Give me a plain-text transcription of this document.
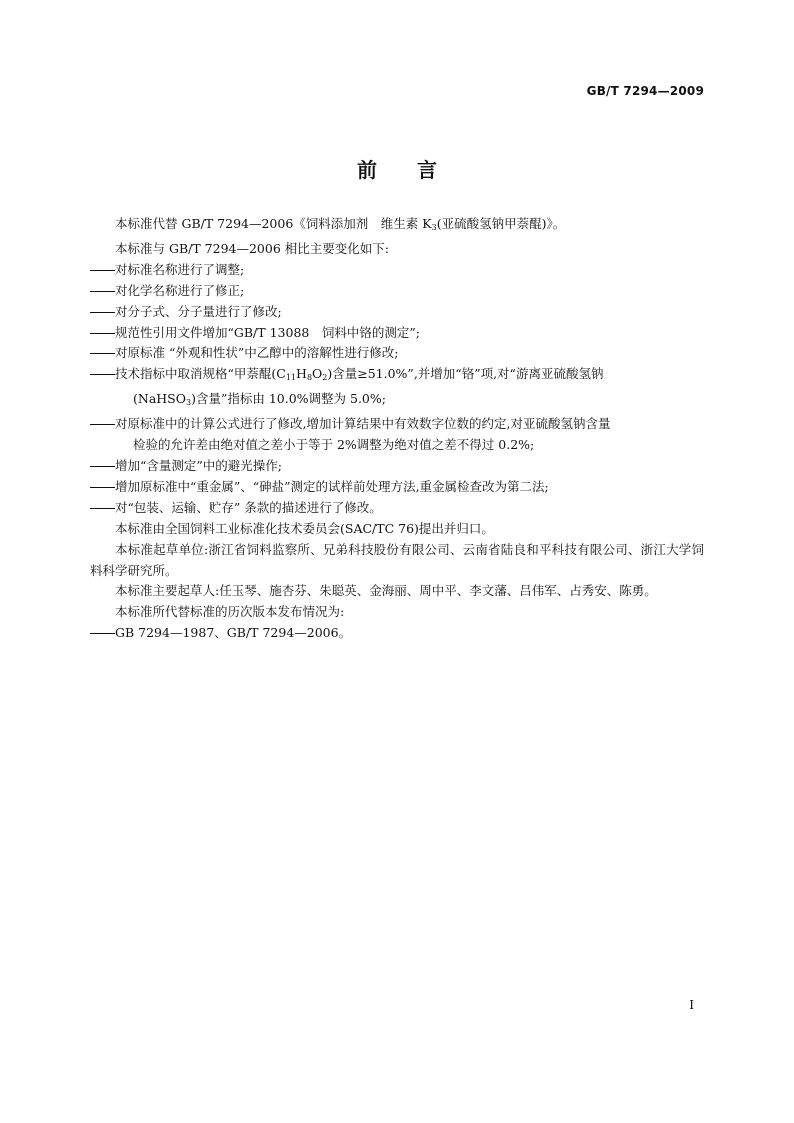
GB/T 7294—2009
前 言

本标准代替 GB/T 7294—2006《饲料添加剂　维生素 $K_3$(亚硫酸氢钠甲萘醌)》。

本标准与 GB/T 7294—2006 相比主要变化如下:

对标准名称进行了调整;
对化学名称进行了修正;
对分子式、分子量进行了修改;
规范性引用文件增加“GB/T 13088　饲料中铬的测定”;
对原标准 “外观和性状”中乙醇中的溶解性进行修改;
技术指标中取消规格“甲萘醌$(C_{11}H_8O_2)$含量≥51.0%”,并增加“铬”项,对“游离亚硫酸氢钠
(NaHSO$_3$)含量”指标由 10.0%调整为 5.0%;
对原标准中的计算公式进行了修改,增加计算结果中有效数字位数的约定,对亚硫酸氢钠含量
检验的允许差由绝对值之差小于等于 2%调整为绝对值之差不得过 0.2%;
增加“含量测定”中的避光操作;
增加原标准中“重金属”、“砷盐”测定的试样前处理方法,重金属检查改为第二法;
对“包装、运输、贮存” 条款的描述进行了修改。

本标准由全国饲料工业标准化技术委员会(SAC/TC 76)提出并归口。

本标准起草单位:浙江省饲料监察所、兄弟科技股份有限公司、云南省陆良和平科技有限公司、浙江大学饲料科学研究所。

本标准主要起草人:任玉琴、施杏芬、朱聪英、金海丽、周中平、李文藩、吕伟军、占秀安、陈勇。

本标准所代替标准的历次版本发布情况为:

GB 7294—1987、GB/T 7294—2006。
I
